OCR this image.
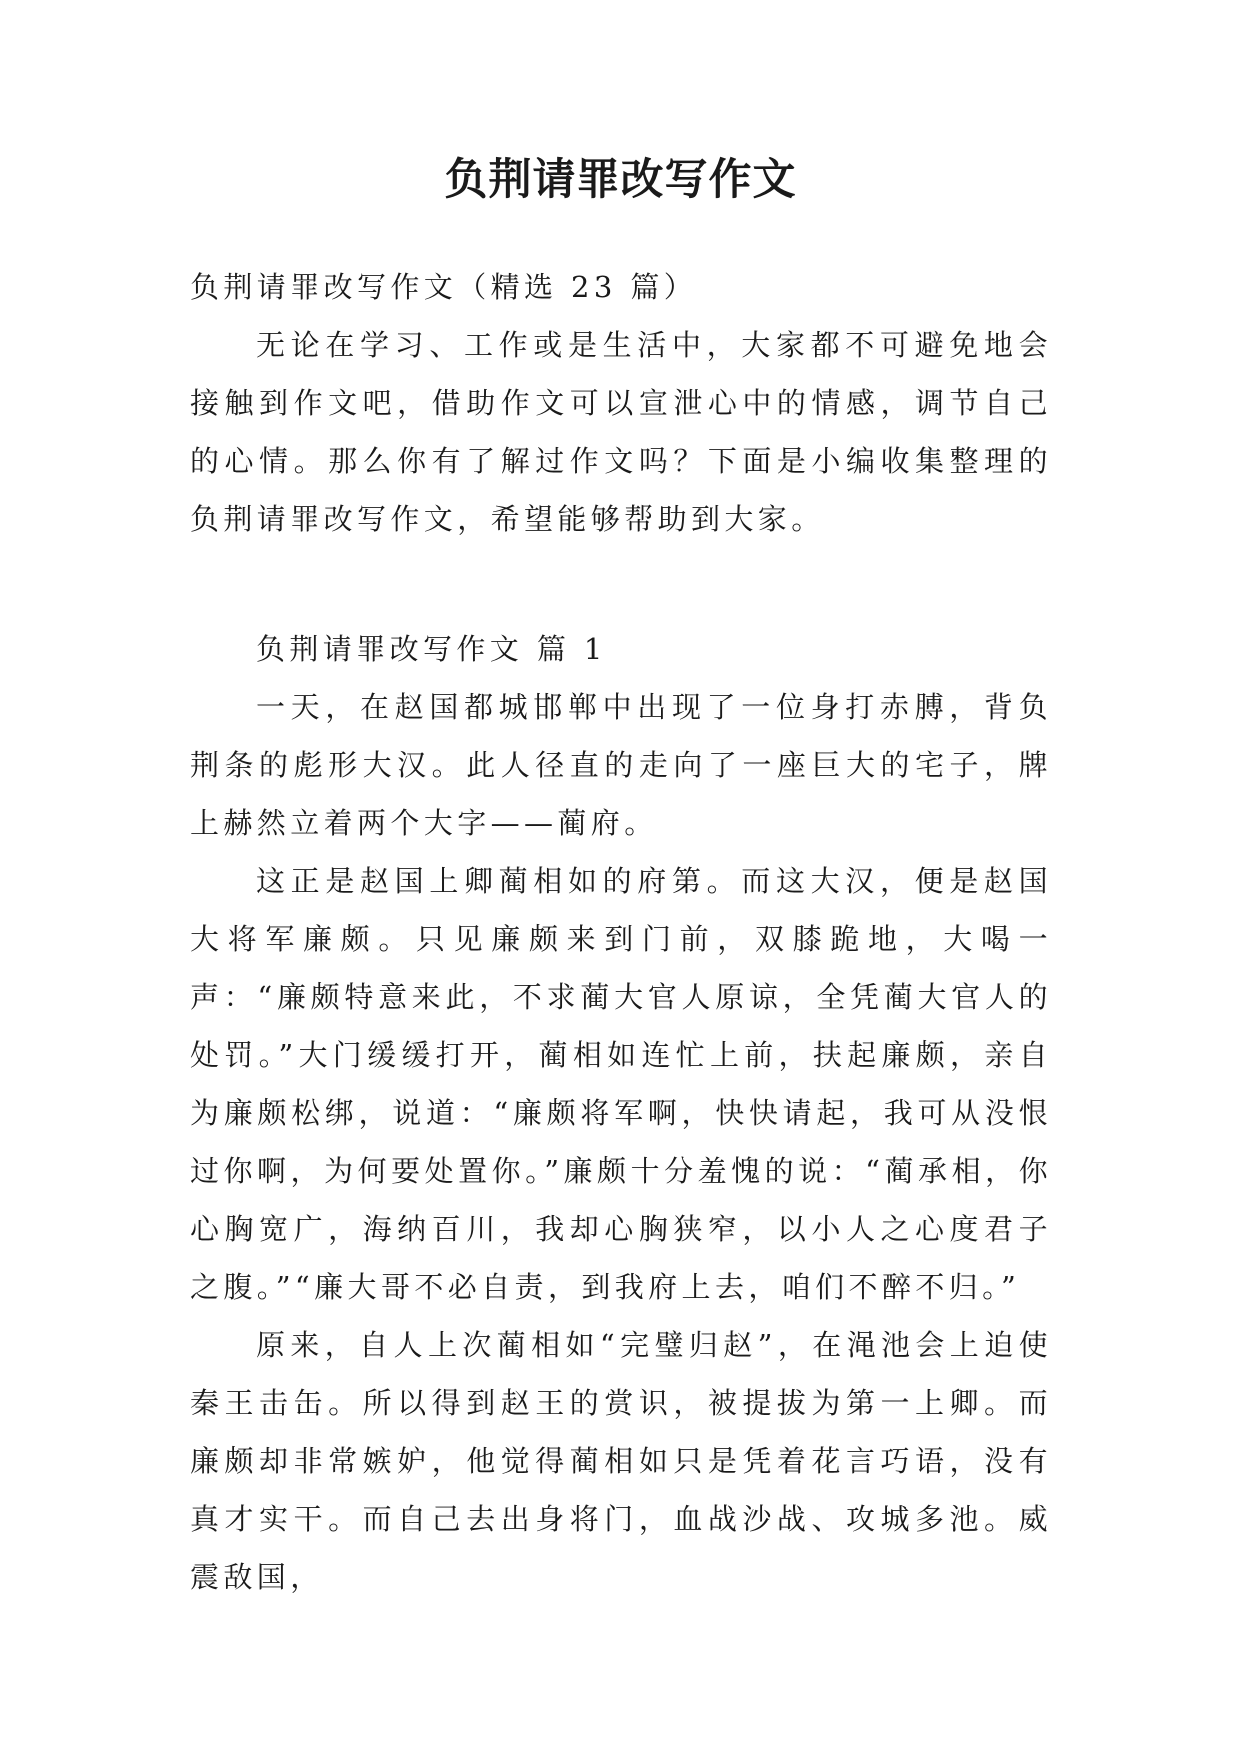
负荆请罪改写作文

负荆请罪改写作文（精选 23 篇）

无论在学习、工作或是生活中，大家都不可避免地会接触到作文吧，借助作文可以宣泄心中的情感，调节自己的心情。那么你有了解过作文吗？下面是小编收集整理的负荆请罪改写作文，希望能够帮助到大家。

负荆请罪改写作文 篇 1

一天，在赵国都城邯郸中出现了一位身打赤膊，背负荆条的彪形大汉。此人径直的走向了一座巨大的宅子，牌上赫然立着两个大字——蔺府。

这正是赵国上卿蔺相如的府第。而这大汉，便是赵国大将军廉颇。只见廉颇来到门前，双膝跪地，大喝一声：“廉颇特意来此，不求蔺大官人原谅，全凭蔺大官人的处罚。”大门缓缓打开，蔺相如连忙上前，扶起廉颇，亲自为廉颇松绑，说道：“廉颇将军啊，快快请起，我可从没恨过你啊，为何要处置你。”廉颇十分羞愧的说：“蔺承相，你心胸宽广，海纳百川，我却心胸狭窄，以小人之心度君子之腹。”“廉大哥不必自责，到我府上去，咱们不醉不归。”

原来，自人上次蔺相如“完璧归赵”，在渑池会上迫使秦王击缶。所以得到赵王的赏识，被提拔为第一上卿。而廉颇却非常嫉妒，他觉得蔺相如只是凭着花言巧语，没有真才实干。而自己去出身将门，血战沙战、攻城多池。威震敌国，
